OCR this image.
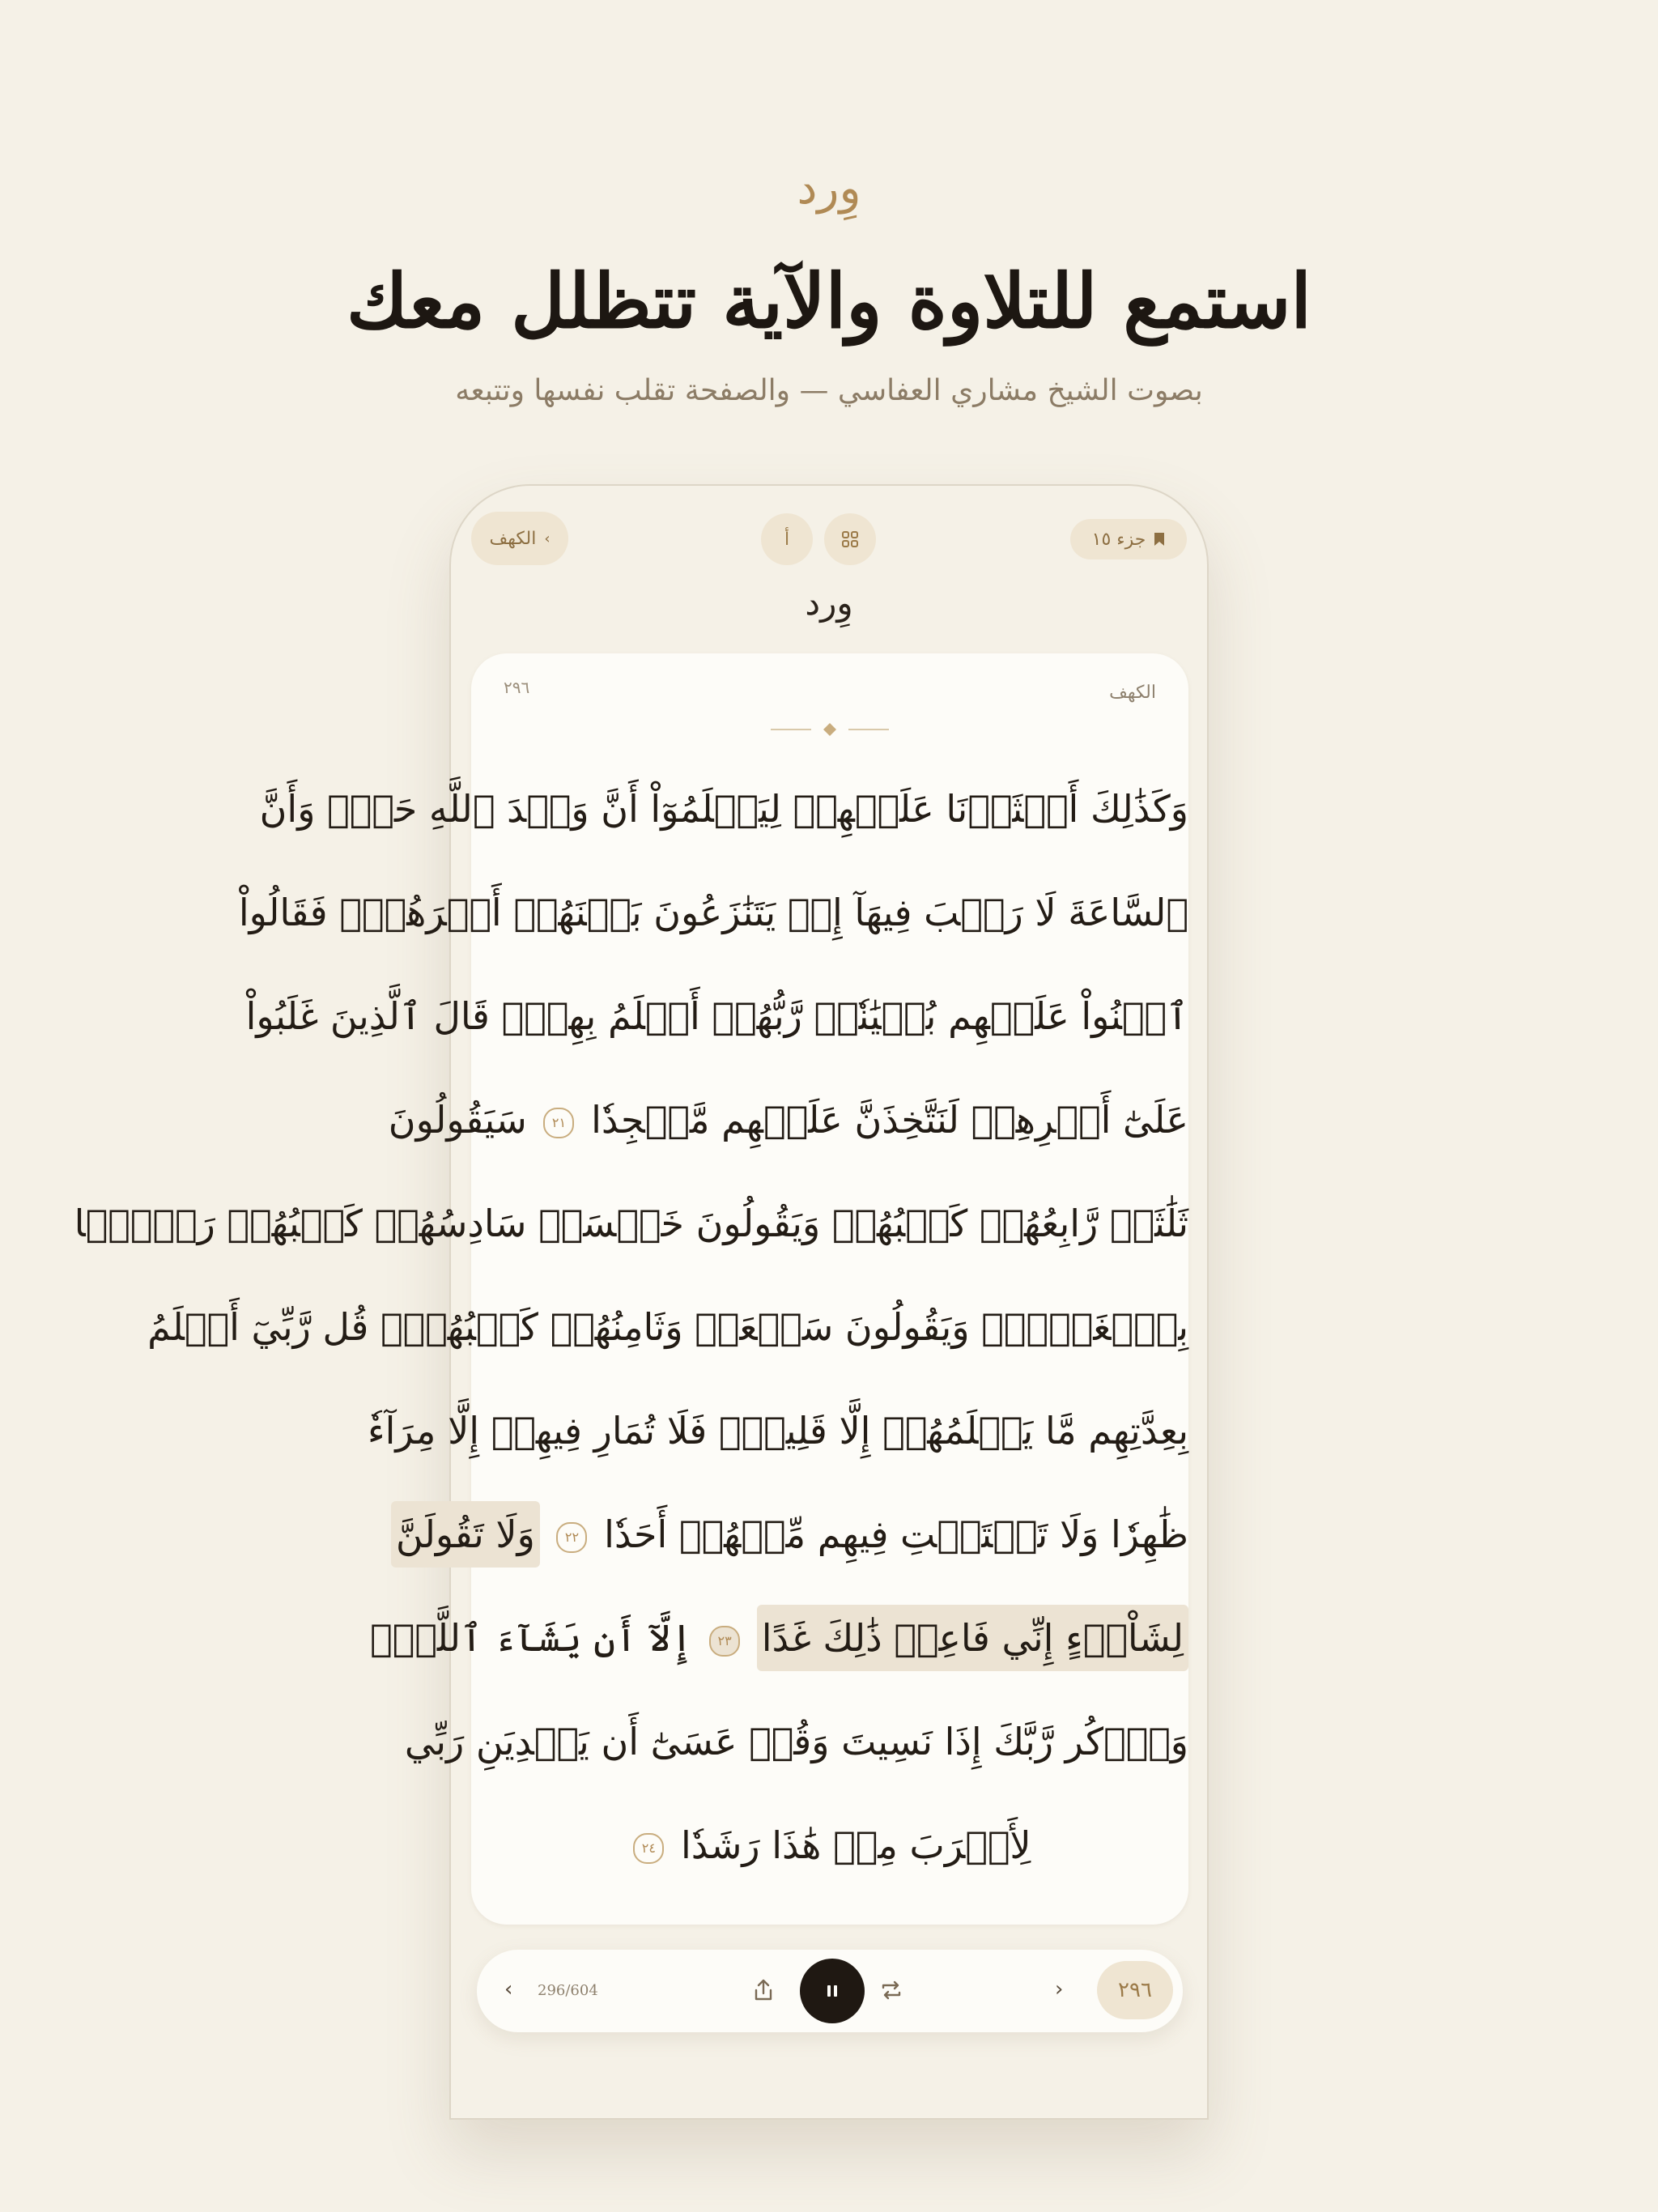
وِرد
استمع للتلاوة والآية تتظلل معك
بصوت الشيخ مشاري العفاسي — والصفحة تقلب نفسها وتتبعه
الكهف ‹	أ	جزء ١٥
وِرد
٢٩٦	الكهف
وَكَذَٰلِكَ أَعۡثَرۡنَا عَلَيۡهِمۡ لِيَعۡلَمُوٓاْ أَنَّ وَعۡدَ ٱللَّهِ حَقّٞ وَأَنَّ
ٱلسَّاعَةَ لَا رَيۡبَ فِيهَآ إِذۡ يَتَنَٰزَعُونَ بَيۡنَهُمۡ أَمۡرَهُمۡۖ فَقَالُواْ
ٱبۡنُواْ عَلَيۡهِم بُنۡيَٰنٗاۖ رَّبُّهُمۡ أَعۡلَمُ بِهِمۡۚ قَالَ ٱلَّذِينَ غَلَبُواْ
عَلَىٰٓ أَمۡرِهِمۡ لَنَتَّخِذَنَّ عَلَيۡهِم مَّسۡجِدٗا ٢١ سَيَقُولُونَ
ثَلَٰثَةٞ رَّابِعُهُمۡ كَلۡبُهُمۡ وَيَقُولُونَ خَمۡسَةٞ سَادِسُهُمۡ كَلۡبُهُمۡ رَجۡمَۢا
بِٱلۡغَيۡبِۖ وَيَقُولُونَ سَبۡعَةٞ وَثَامِنُهُمۡ كَلۡبُهُمۡۚ قُل رَّبِّيٓ أَعۡلَمُ
بِعِدَّتِهِم مَّا يَعۡلَمُهُمۡ إِلَّا قَلِيلٞۗ فَلَا تُمَارِ فِيهِمۡ إِلَّا مِرَآءٗ
ظَٰهِرٗا وَلَا تَسۡتَفۡتِ فِيهِم مِّنۡهُمۡ أَحَدٗا ٢٢ وَلَا تَقُولَنَّ
لِشَاْيۡءٍ إِنِّي فَاعِلٞ ذَٰلِكَ غَدًا ٢٣ إِلَّآ أَن يَشَآءَ ٱللَّهُۚ
وَٱذۡكُر رَّبَّكَ إِذَا نَسِيتَ وَقُلۡ عَسَىٰٓ أَن يَهۡدِيَنِ رَبِّي
لِأَقۡرَبَ مِنۡ هَٰذَا رَشَدٗا ٢٤
‹ 296/604	›	٢٩٦
